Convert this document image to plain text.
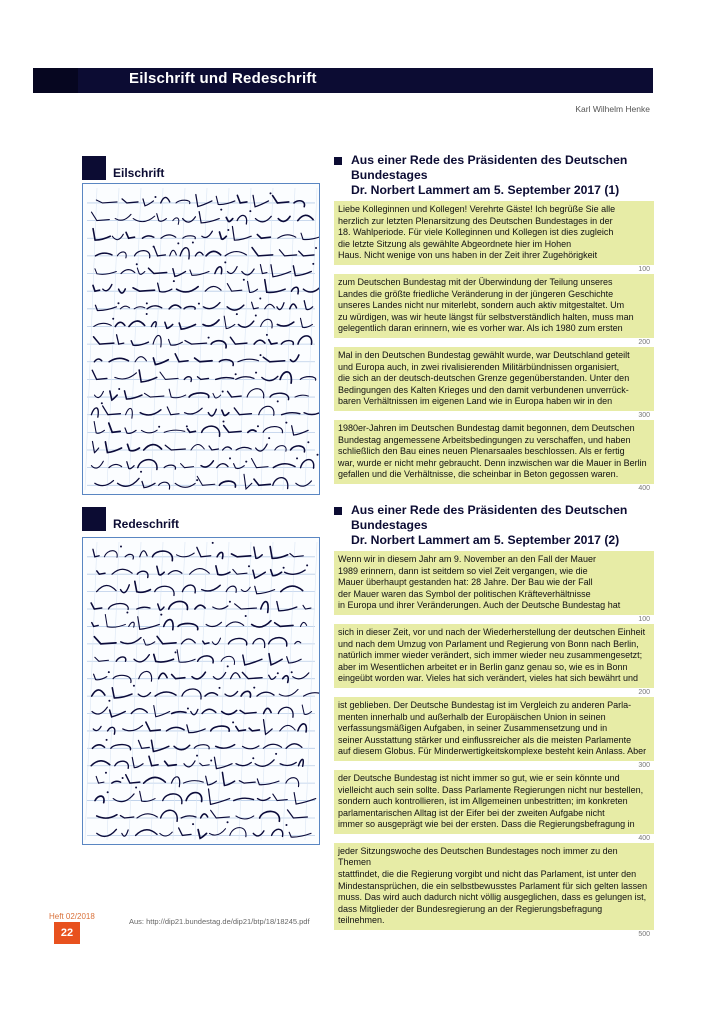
Eilschrift und Redeschrift
Karl Wilhelm Henke
Eilschrift
Redeschrift
Aus einer Rede des Präsidenten des Deutschen Bundestages
Dr. Norbert Lammert am 5. September 2017 (1)
Liebe Kolleginnen und Kollegen! Verehrte Gäste! Ich begrüße Sie alle
herzlich zur letzten Plenarsitzung des Deutschen Bundestages in der
18. Wahlperiode. Für viele Kolleginnen und Kollegen ist dies zugleich
die letzte Sitzung als gewählte Abgeordnete hier im Hohen
Haus. Nicht wenige von uns haben in der Zeit ihrer Zugehörigkeit
100
zum Deutschen Bundestag mit der Überwindung der Teilung unseres
Landes die größte friedliche Veränderung in der jüngeren Geschichte
unseres Landes nicht nur miterlebt, sondern auch aktiv mitgestaltet. Um
zu würdigen, was wir heute längst für selbstverständlich halten, muss man
gelegentlich daran erinnern, wie es vorher war. Als ich 1980 zum ersten
200
Mal in den Deutschen Bundestag gewählt wurde, war Deutschland geteilt
und Europa auch, in zwei rivalisierenden Militärbündnissen organisiert,
die sich an der deutsch-deutschen Grenze gegenüberstanden. Unter den
Bedingungen des Kalten Krieges und den damit verbundenen unverrück-
baren Verhältnissen im eigenen Land wie in Europa haben wir in den
300
1980er-Jahren im Deutschen Bundestag damit begonnen, dem Deutschen
Bundestag angemessene Arbeitsbedingungen zu verschaffen, und haben
schließlich den Bau eines neuen Plenarsaales beschlossen. Als er fertig
war, wurde er nicht mehr gebraucht. Denn inzwischen war die Mauer in Berlin
gefallen und die Verhältnisse, die scheinbar in Beton gegossen waren.
400
Aus einer Rede des Präsidenten des Deutschen Bundestages
Dr. Norbert Lammert am 5. September 2017 (2)
Wenn wir in diesem Jahr am 9. November an den Fall der Mauer
1989 erinnern, dann ist seitdem so viel Zeit vergangen, wie die
Mauer überhaupt gestanden hat: 28 Jahre. Der Bau wie der Fall
der Mauer waren das Symbol der politischen Kräfteverhältnisse
in Europa und ihrer Veränderungen. Auch der Deutsche Bundestag hat
100
sich in dieser Zeit, vor und nach der Wiederherstellung der deutschen Einheit
und nach dem Umzug von Parlament und Regierung von Bonn nach Berlin,
natürlich immer wieder verändert, sich immer wieder neu zusammengesetzt;
aber im Wesentlichen arbeitet er in Berlin ganz genau so, wie es in Bonn
eingeübt worden war. Vieles hat sich verändert, vieles hat sich bewährt und
200
ist geblieben. Der Deutsche Bundestag ist im Vergleich zu anderen Parla-
menten innerhalb und außerhalb der Europäischen Union in seinen
verfassungsmäßigen Aufgaben, in seiner Zusammensetzung und in
seiner Ausstattung stärker und einflussreicher als die meisten Parlamente
auf diesem Globus. Für Minderwertigkeitskomplexe besteht kein Anlass. Aber
300
der Deutsche Bundestag ist nicht immer so gut, wie er sein könnte und
vielleicht auch sein sollte. Dass Parlamente Regierungen nicht nur bestellen,
sondern auch kontrollieren, ist im Allgemeinen unbestritten; im konkreten
parlamentarischen Alltag ist der Eifer bei der zweiten Aufgabe nicht
immer so ausgeprägt wie bei der ersten. Dass die Regierungsbefragung in
400
jeder Sitzungswoche des Deutschen Bundestages noch immer zu den Themen
stattfindet, die die Regierung vorgibt und nicht das Parlament, ist unter den
Mindestansprüchen, die ein selbstbewusstes Parlament für sich gelten lassen
muss. Das wird auch dadurch nicht völlig ausgeglichen, dass es gelungen ist,
dass Mitglieder der Bundesregierung an der Regierungsbefragung teilnehmen.
500
Heft 02/2018
22
Aus: http://dip21.bundestag.de/dip21/btp/18/18245.pdf
